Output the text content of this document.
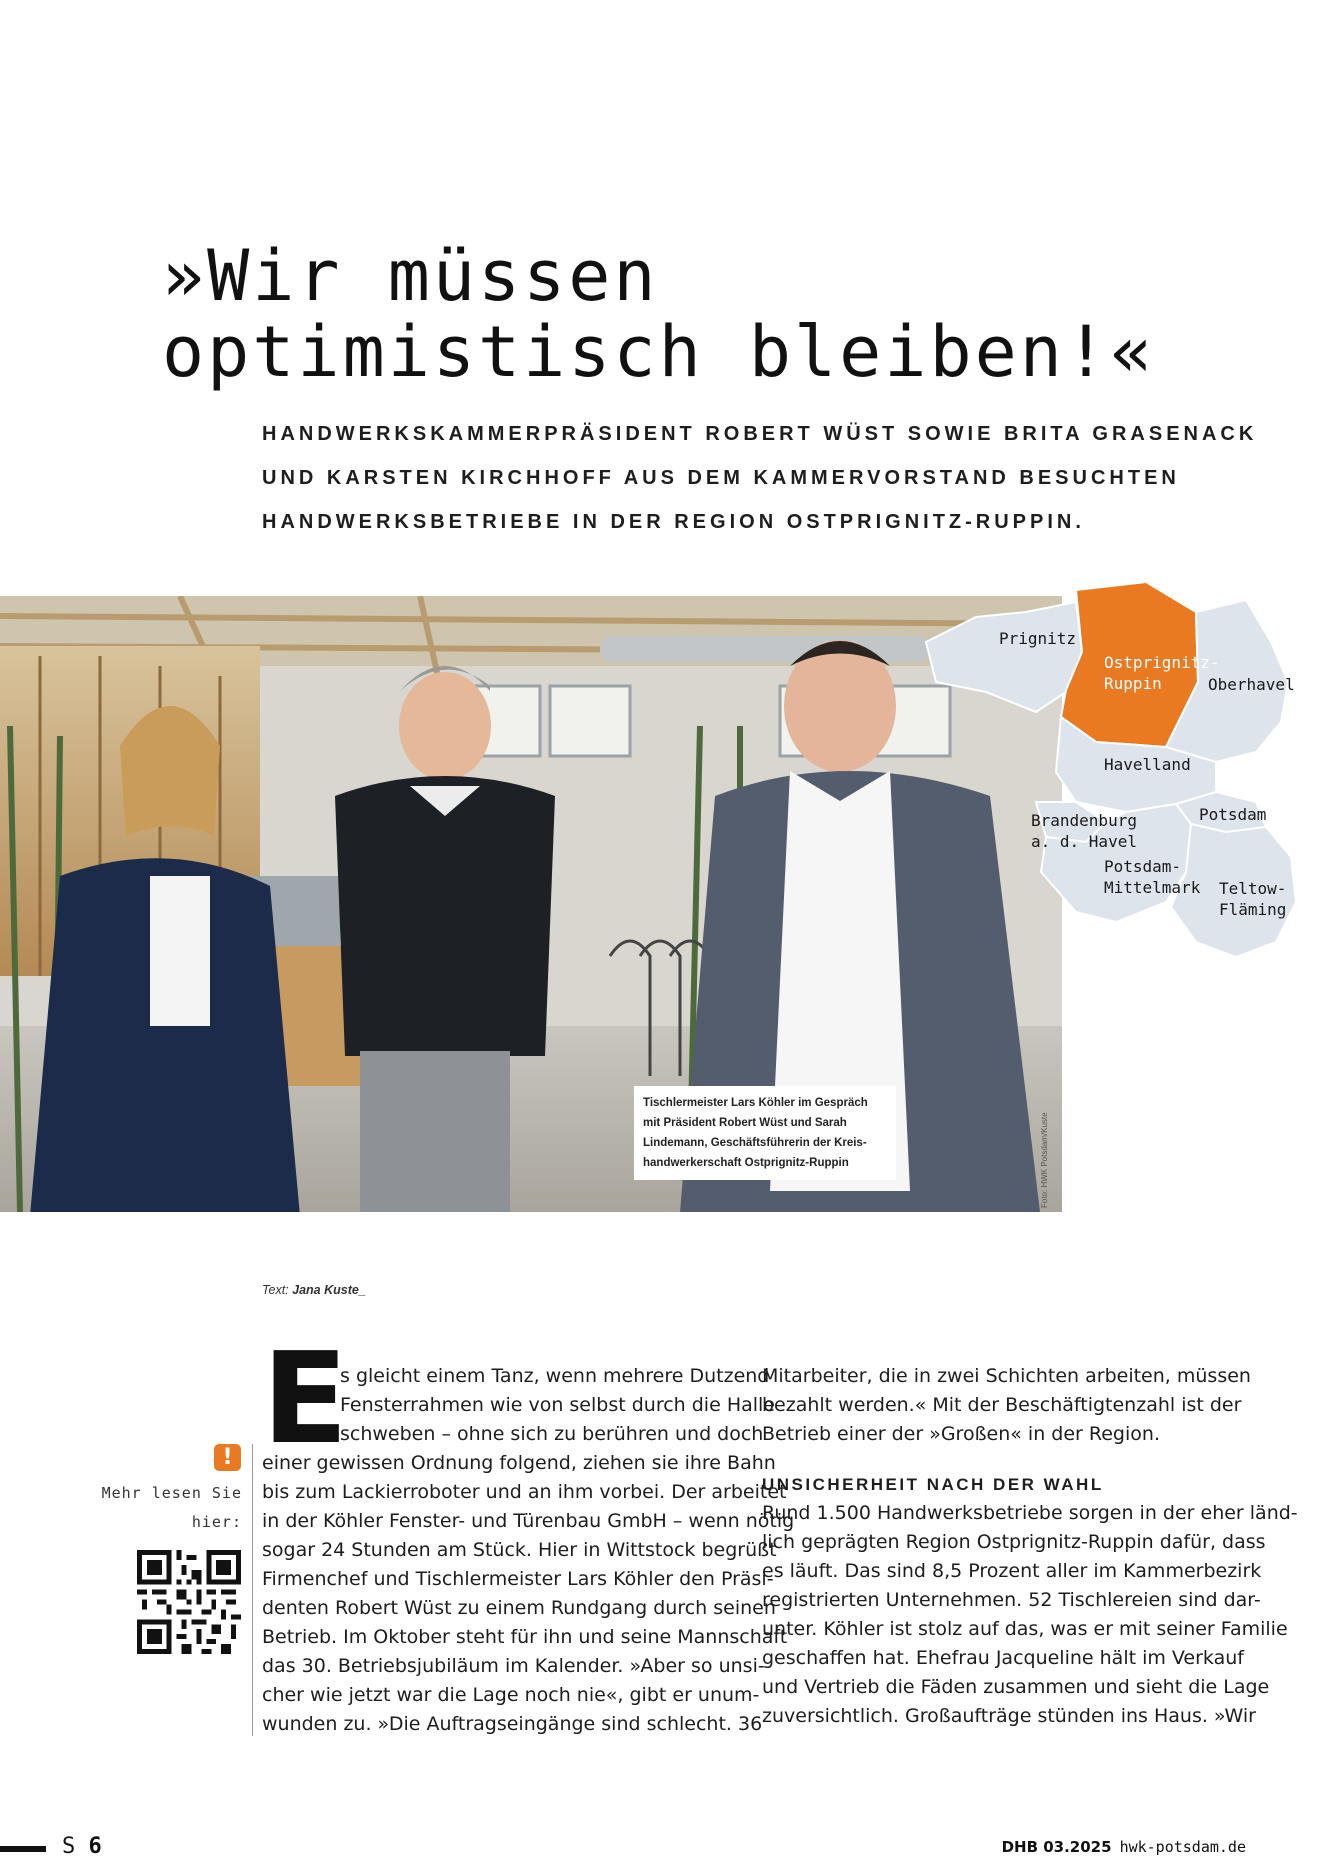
»Wir müssen
optimistisch bleiben!«
HANDWERKSKAMMERPRÄSIDENT ROBERT WÜST SOWIE BRITA GRASENACK
UND KARSTEN KIRCHHOFF AUS DEM KAMMERVORSTAND BESUCHTEN
HANDWERKSBETRIEBE IN DER REGION OSTPRIGNITZ-RUPPIN.
Tischlermeister Lars Köhler im Gespräch
mit Präsident Robert Wüst und Sarah
Lindemann, Geschäftsführerin der Kreis-
handwerkerschaft Ostprignitz-Ruppin	Foto: HWK Potsdam/Kuste
Prignitz
Ostprignitz-
Ruppin	Oberhavel
Havelland
Brandenburg
a. d. Havel
Potsdam
Potsdam-
Mittelmark Teltow-
Fläming
Text: Jana Kuste_
!
Mehr lesen Sie
hier:
E
s gleicht einem Tanz, wenn mehrere Dutzend
Fensterrahmen wie von selbst durch die Halle
schweben – ohne sich zu berühren und doch
einer gewissen Ordnung folgend, ziehen sie ihre Bahn
bis zum Lackierroboter und an ihm vorbei. Der arbeitet
in der Köhler Fenster- und Türenbau GmbH – wenn nötig
sogar 24 Stunden am Stück. Hier in Wittstock begrüßt
Firmenchef und Tischlermeister Lars Köhler den Präsi-
denten Robert Wüst zu einem Rundgang durch seinen
Betrieb. Im Oktober steht für ihn und seine Mannschaft
das 30. Betriebsjubiläum im Kalender. »Aber so unsi-
cher wie jetzt war die Lage noch nie«, gibt er unum-
wunden zu. »Die Auftragseingänge sind schlecht. 36
Mitarbeiter, die in zwei Schichten arbeiten, müssen
bezahlt werden.« Mit der Beschäftigtenzahl ist der
Betrieb einer der »Großen« in der Region.
UNSICHERHEIT NACH DER WAHL
Rund 1.500 Handwerksbetriebe sorgen in der eher länd-
lich geprägten Region Ostprignitz-Ruppin dafür, dass
es läuft. Das sind 8,5 Prozent aller im Kammerbezirk
registrierten Unternehmen. 52 Tischlereien sind dar-
unter. Köhler ist stolz auf das, was er mit seiner Familie
geschaffen hat. Ehefrau Jacqueline hält im Verkauf
und Vertrieb die Fäden zusammen und sieht die Lage
zuversichtlich. Großaufträge stünden ins Haus. »Wir
S 6	DHB 03.2025 hwk-potsdam.de
